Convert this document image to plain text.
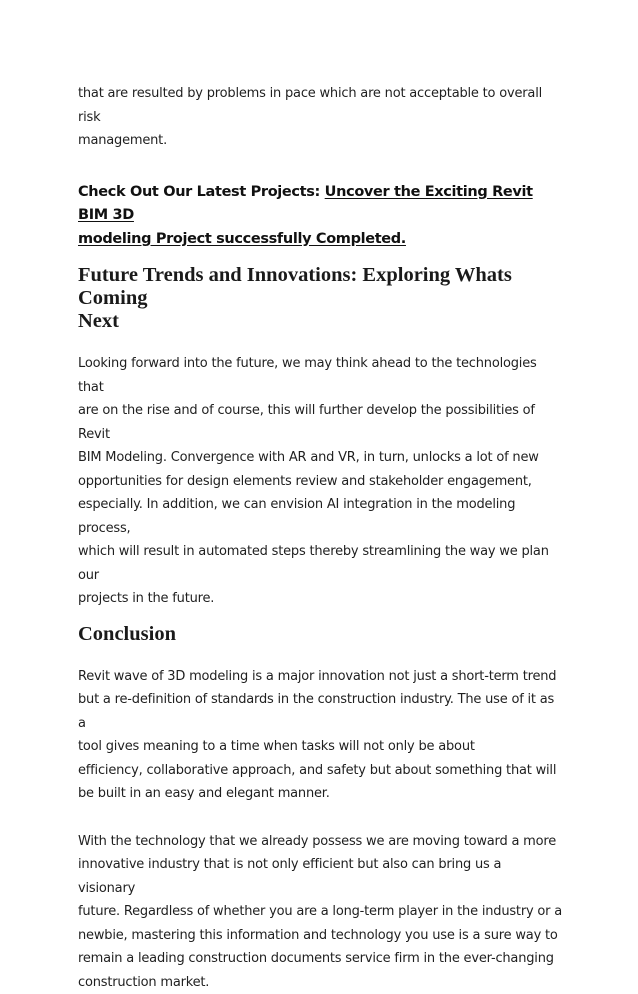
that are resulted by problems in pace which are not acceptable to overall risk
management.

Check Out Our Latest Projects: Uncover the Exciting Revit BIM 3D
modeling Project successfully Completed.

Future Trends and Innovations: Exploring Whats Coming
Next

Looking forward into the future, we may think ahead to the technologies that
are on the rise and of course, this will further develop the possibilities of Revit
BIM Modeling. Convergence with AR and VR, in turn, unlocks a lot of new
opportunities for design elements review and stakeholder engagement,
especially. In addition, we can envision AI integration in the modeling process,
which will result in automated steps thereby streamlining the way we plan our
projects in the future.

Conclusion

Revit wave of 3D modeling is a major innovation not just a short-term trend
but a re-definition of standards in the construction industry. The use of it as a
tool gives meaning to a time when tasks will not only be about
efficiency, collaborative approach, and safety but about something that will
be built in an easy and elegant manner.

With the technology that we already possess we are moving toward a more
innovative industry that is not only efficient but also can bring us a visionary
future. Regardless of whether you are a long-term player in the industry or a
newbie, mastering this information and technology you use is a sure way to
remain a leading construction documents service firm in the ever-changing
construction market.
